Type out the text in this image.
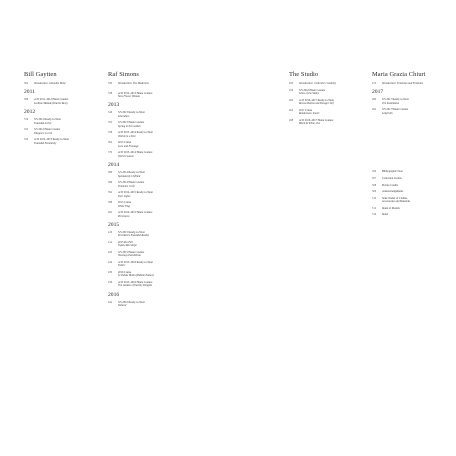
Bill Gaytten
304	Introduction: A Double Bond
2011
308	A/W 2011–2012 Haute Couture
La Rose Malade (Diaries Resi)
2012
316	S/S 2012 Ready-to-Wear
Extended in Eye
322	S/S 2012 Haute Couture
Elegance in cool
324	A/W 2012–2013 Ready-to-Wear
Extended Femininity
Raf Simons
330	Introduction: The Modernist
338	A/W 2012–2013 Haute Couture
New Flower Woman
2013
346	S/S 2013 Ready-to-Wear
Liberation
352	S/S 2013 Haute Couture
Spring in the Garden
358	A/W 2013–2014 Ready-to-Wear
Worlds in a Tent
364	2013 Cruise
Lace and Frontage
370	A/W 2013–2014 Haute Couture
World Couture
2014
380	S/S 2014 Ready-to-Wear
Spontaneity Unfilled
386	S/S 2014 Haute Couture
Feminine Craft
392	A/W 2014–2015 Ready-to-Wear
Dior Lights
398	2015 Cruise
White Flag
402	A/W 2014–2015 Haute Couture
Provisions
2015
410	S/S 2015 Ready-to-Wear
Providence Extended Reality
414	2015 Pre-Fall
Tupelo Rio Stripe
420	S/S 2015 Haute Couture
Viewings Parallelism
426	A/W 2015–2016 Ready-to-Wear
Fabric
430	2016 Cruise
Le Palais Bulles (Bubble Palace)
436	A/W 2015–2016 Haute Couture
The Garden of Earthly Delights
2016
442	S/S 2016 Ready-to-Wear
Natural
The Studio
450	Introduction: Collective Creativity
456	S/S 2016 Haute Couture
Lilies of the Valley
460	A/W 2016–2017 Ready-to-Wear
Reconciliation and Younger Self
464	2017 Cruise
Rendezvous Jouvet
468	A/W 2016–2017 Haute Couture
Black & White, Too
Maria Grazia Chiuri
474	Introduction: Feminism and Feminine
2017
480	S/S 2017 Ready-to-Wear
The Installation
492	S/S 2017 Haute Couture
Labyrinth
506	Bibliographic Note
507	Collection Credits
508	Picture Credits
509	Acknowledgements
510	Select Index of Clothes,
Accessories and Materials
512	Index of Models
516	Index
